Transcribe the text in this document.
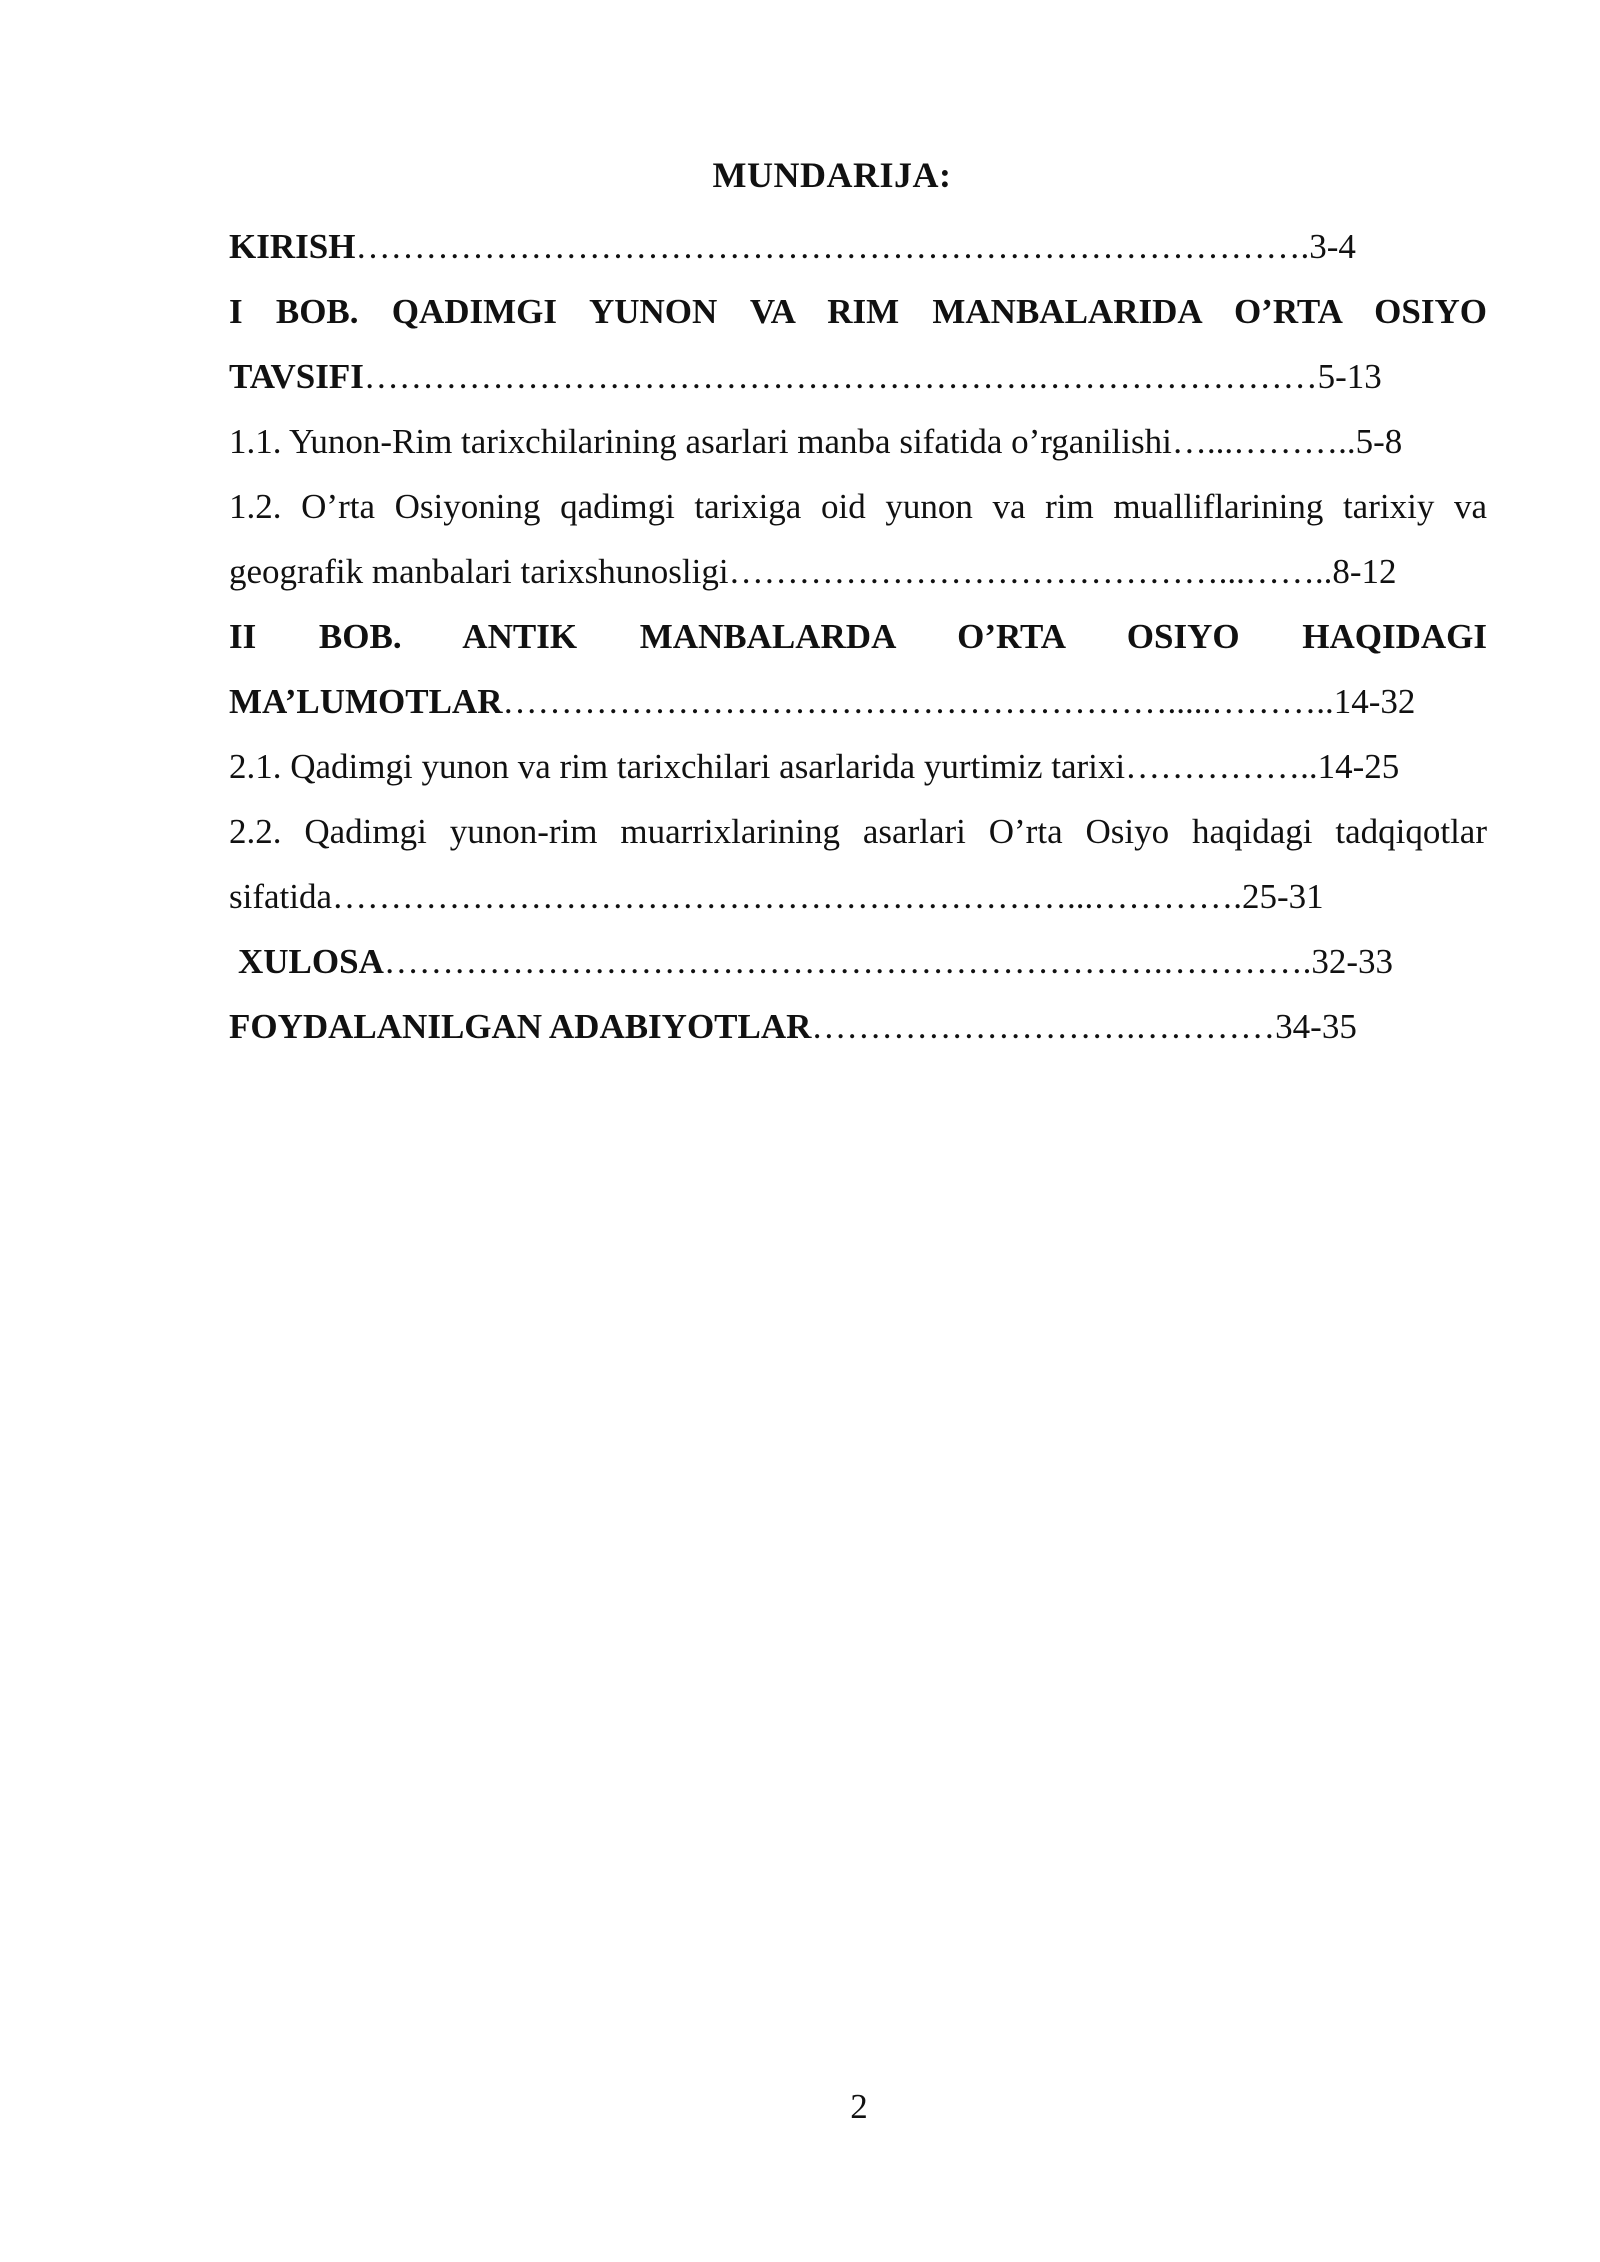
MUNDARIJA:

KIRISH……………………………………………………………………….3-4

I BOB. QADIMGI YUNON VA RIM MANBALARIDA O’RTA OSIYO TAVSIFI………………………………………………….……………………5-13

1.1. Yunon-Rim tarixchilarining asarlari manba sifatida o’rganilishi…...………..5-8

1.2. O’rta Osiyoning qadimgi tarixiga oid yunon va rim mualliflarining tarixiy va geografik manbalari tarixshunosligi……………………………………...……..8-12

II BOB. ANTIK MANBALARDA O’RTA OSIYO HAQIDAGI MA’LUMOTLAR………………………………………………….....………..14-32

2.1. Qadimgi yunon va rim tarixchilari asarlarida yurtimiz tarixi……………..14-25

2.2. Qadimgi yunon-rim muarrixlarining asarlari O’rta Osiyo haqidagi tadqiqotlar sifatida………………………………………………………...………….25-31

XULOSA………………………………………………………….………….32-33

FOYDALANILGAN ADABIYOTLAR……………………….…………34-35

2
